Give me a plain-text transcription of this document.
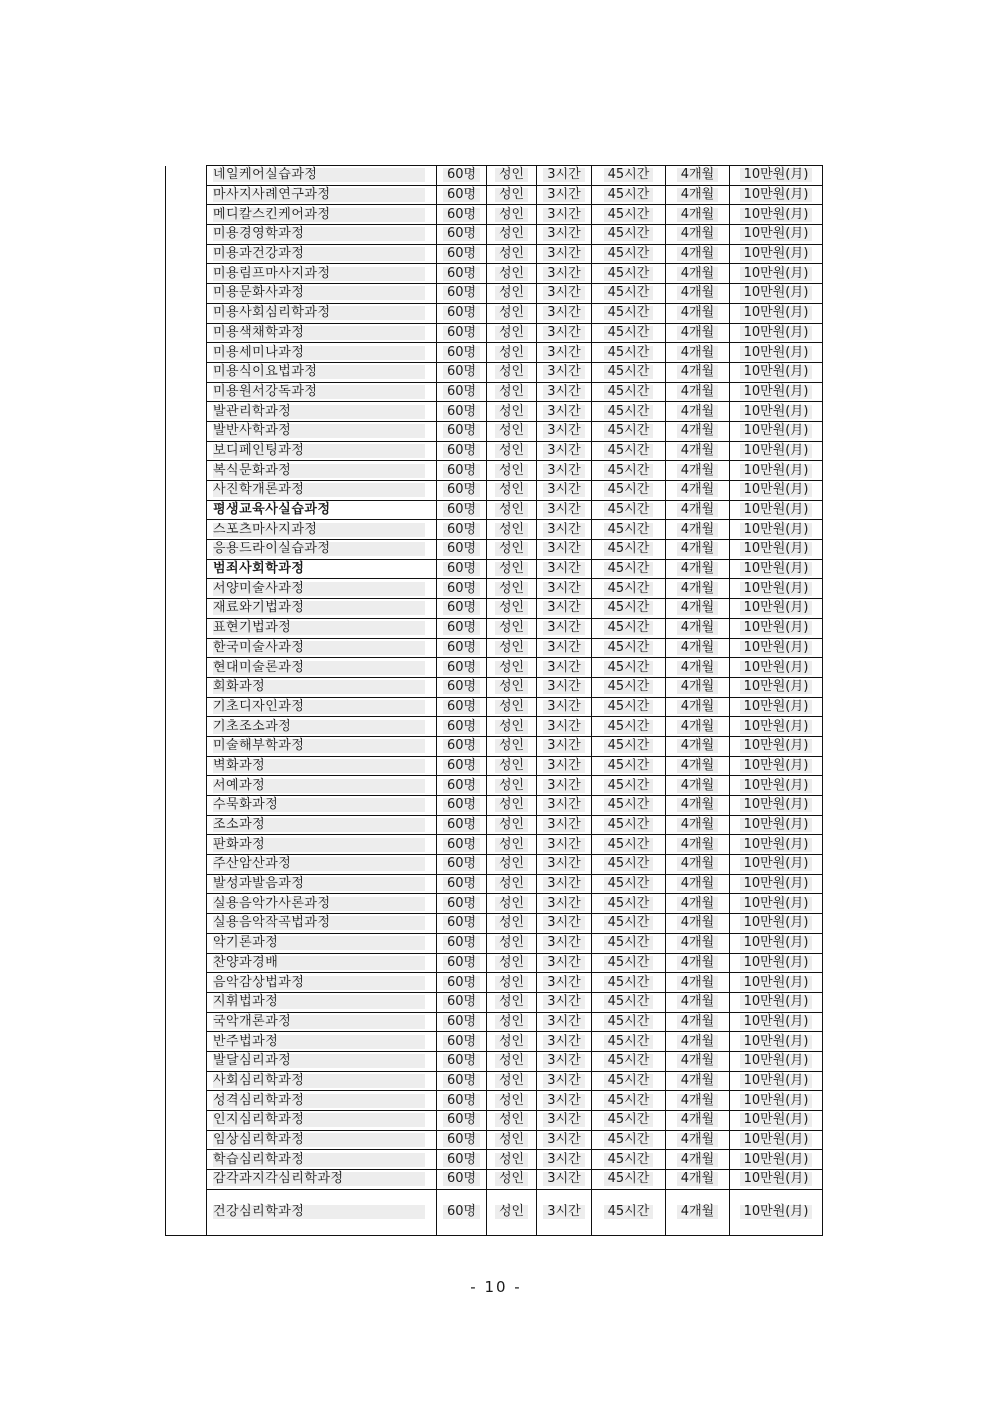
	네일케어실습과정	60명	성인	3시간	45시간	4개월	10만원(月)
	마사지사례연구과정	60명	성인	3시간	45시간	4개월	10만원(月)
	메디칼스킨케어과정	60명	성인	3시간	45시간	4개월	10만원(月)
	미용경영학과정	60명	성인	3시간	45시간	4개월	10만원(月)
	미용과건강과정	60명	성인	3시간	45시간	4개월	10만원(月)
	미용림프마사지과정	60명	성인	3시간	45시간	4개월	10만원(月)
	미용문화사과정	60명	성인	3시간	45시간	4개월	10만원(月)
	미용사회심리학과정	60명	성인	3시간	45시간	4개월	10만원(月)
	미용색채학과정	60명	성인	3시간	45시간	4개월	10만원(月)
	미용세미나과정	60명	성인	3시간	45시간	4개월	10만원(月)
	미용식이요법과정	60명	성인	3시간	45시간	4개월	10만원(月)
	미용원서강독과정	60명	성인	3시간	45시간	4개월	10만원(月)
	발관리학과정	60명	성인	3시간	45시간	4개월	10만원(月)
	발반사학과정	60명	성인	3시간	45시간	4개월	10만원(月)
	보디페인팅과정	60명	성인	3시간	45시간	4개월	10만원(月)
	복식문화과정	60명	성인	3시간	45시간	4개월	10만원(月)
	사진학개론과정	60명	성인	3시간	45시간	4개월	10만원(月)
	평생교육사실습과정	60명	성인	3시간	45시간	4개월	10만원(月)
	스포츠마사지과정	60명	성인	3시간	45시간	4개월	10만원(月)
	응용드라이실습과정	60명	성인	3시간	45시간	4개월	10만원(月)
	범죄사회학과정	60명	성인	3시간	45시간	4개월	10만원(月)
	서양미술사과정	60명	성인	3시간	45시간	4개월	10만원(月)
	재료와기법과정	60명	성인	3시간	45시간	4개월	10만원(月)
	표현기법과정	60명	성인	3시간	45시간	4개월	10만원(月)
	한국미술사과정	60명	성인	3시간	45시간	4개월	10만원(月)
	현대미술론과정	60명	성인	3시간	45시간	4개월	10만원(月)
	회화과정	60명	성인	3시간	45시간	4개월	10만원(月)
	기초디자인과정	60명	성인	3시간	45시간	4개월	10만원(月)
	기초조소과정	60명	성인	3시간	45시간	4개월	10만원(月)
	미술해부학과정	60명	성인	3시간	45시간	4개월	10만원(月)
	벽화과정	60명	성인	3시간	45시간	4개월	10만원(月)
	서예과정	60명	성인	3시간	45시간	4개월	10만원(月)
	수묵화과정	60명	성인	3시간	45시간	4개월	10만원(月)
	조소과정	60명	성인	3시간	45시간	4개월	10만원(月)
	판화과정	60명	성인	3시간	45시간	4개월	10만원(月)
	주산암산과정	60명	성인	3시간	45시간	4개월	10만원(月)
	발성과발음과정	60명	성인	3시간	45시간	4개월	10만원(月)
	실용음악가사론과정	60명	성인	3시간	45시간	4개월	10만원(月)
	실용음악작곡법과정	60명	성인	3시간	45시간	4개월	10만원(月)
	악기론과정	60명	성인	3시간	45시간	4개월	10만원(月)
	찬양과경배	60명	성인	3시간	45시간	4개월	10만원(月)
	음악감상법과정	60명	성인	3시간	45시간	4개월	10만원(月)
	지휘법과정	60명	성인	3시간	45시간	4개월	10만원(月)
	국악개론과정	60명	성인	3시간	45시간	4개월	10만원(月)
	반주법과정	60명	성인	3시간	45시간	4개월	10만원(月)
	발달심리과정	60명	성인	3시간	45시간	4개월	10만원(月)
	사회심리학과정	60명	성인	3시간	45시간	4개월	10만원(月)
	성격심리학과정	60명	성인	3시간	45시간	4개월	10만원(月)
	인지심리학과정	60명	성인	3시간	45시간	4개월	10만원(月)
	임상심리학과정	60명	성인	3시간	45시간	4개월	10만원(月)
	학습심리학과정	60명	성인	3시간	45시간	4개월	10만원(月)
	감각과지각심리학과정	60명	성인	3시간	45시간	4개월	10만원(月)
	건강심리학과정	60명	성인	3시간	45시간	4개월	10만원(月)
- 10 -
